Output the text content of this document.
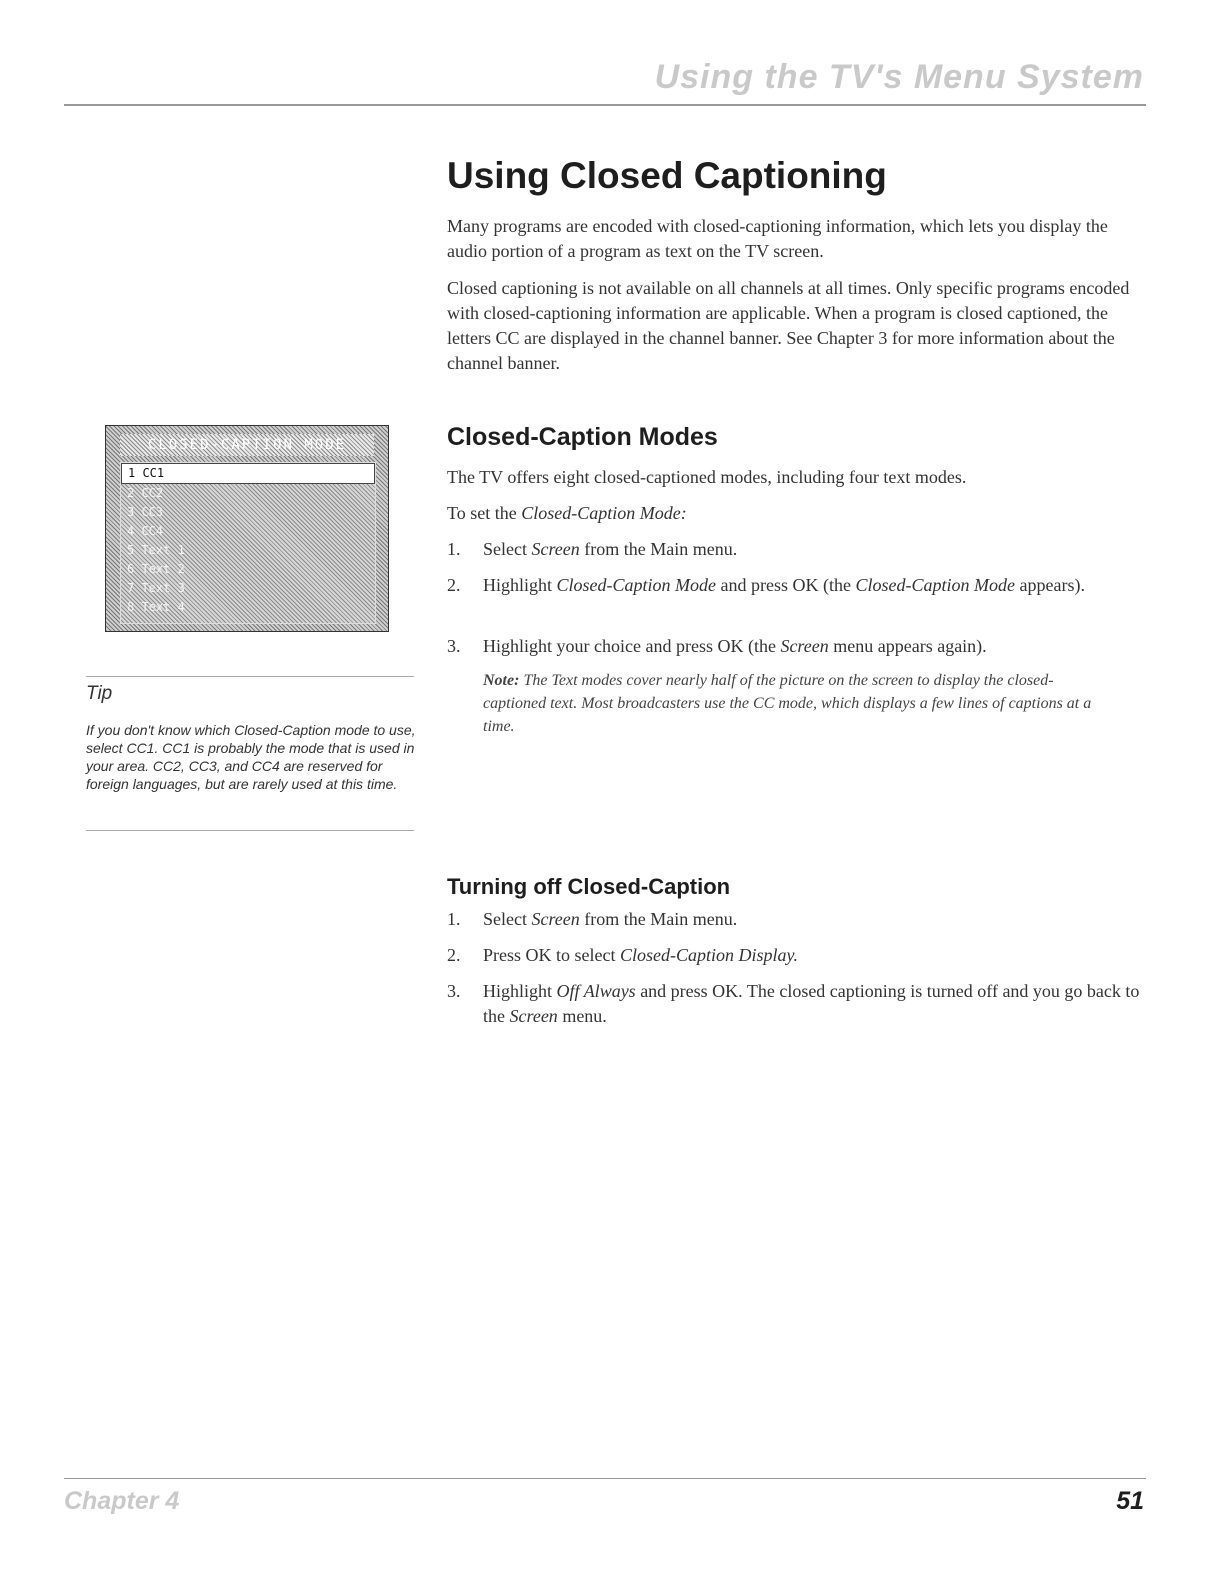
Using the TV's Menu System
Using Closed Captioning

Many programs are encoded with closed-captioning information, which lets you display the audio portion of a program as text on the TV screen.

Closed captioning is not available on all channels at all times. Only specific programs encoded with closed-captioning information are applicable. When a program is closed captioned, the letters CC are displayed in the channel banner. See Chapter 3 for more information about the channel banner.

Closed-Caption Modes

The TV offers eight closed-captioned modes, including four text modes.

To set the Closed-Caption Mode:

1. Select Screen from the Main menu.
2. Highlight Closed-Caption Mode and press OK (the Closed-Caption Mode appears).
3. Highlight your choice and press OK (the Screen menu appears again).
Note: The Text modes cover nearly half of the picture on the screen to display the closed-captioned text. Most broadcasters use the CC mode, which displays a few lines of captions at a time.
CLOSED-CAPTION MODE
1 CC1
2 CC2
3 CC3
4 CC4
5 Text 1
6 Text 2
7 Text 3
8 Text 4

Tip

If you don't know which Closed-Caption mode to use, select CC1. CC1 is probably the mode that is used in your area. CC2, CC3, and CC4 are reserved for foreign languages, but are rarely used at this time.

Turning off Closed-Caption
1. Select Screen from the Main menu.
2. Press OK to select Closed-Caption Display.
3. Highlight Off Always and press OK. The closed captioning is turned off and you go back to the Screen menu.

Chapter 4	51
